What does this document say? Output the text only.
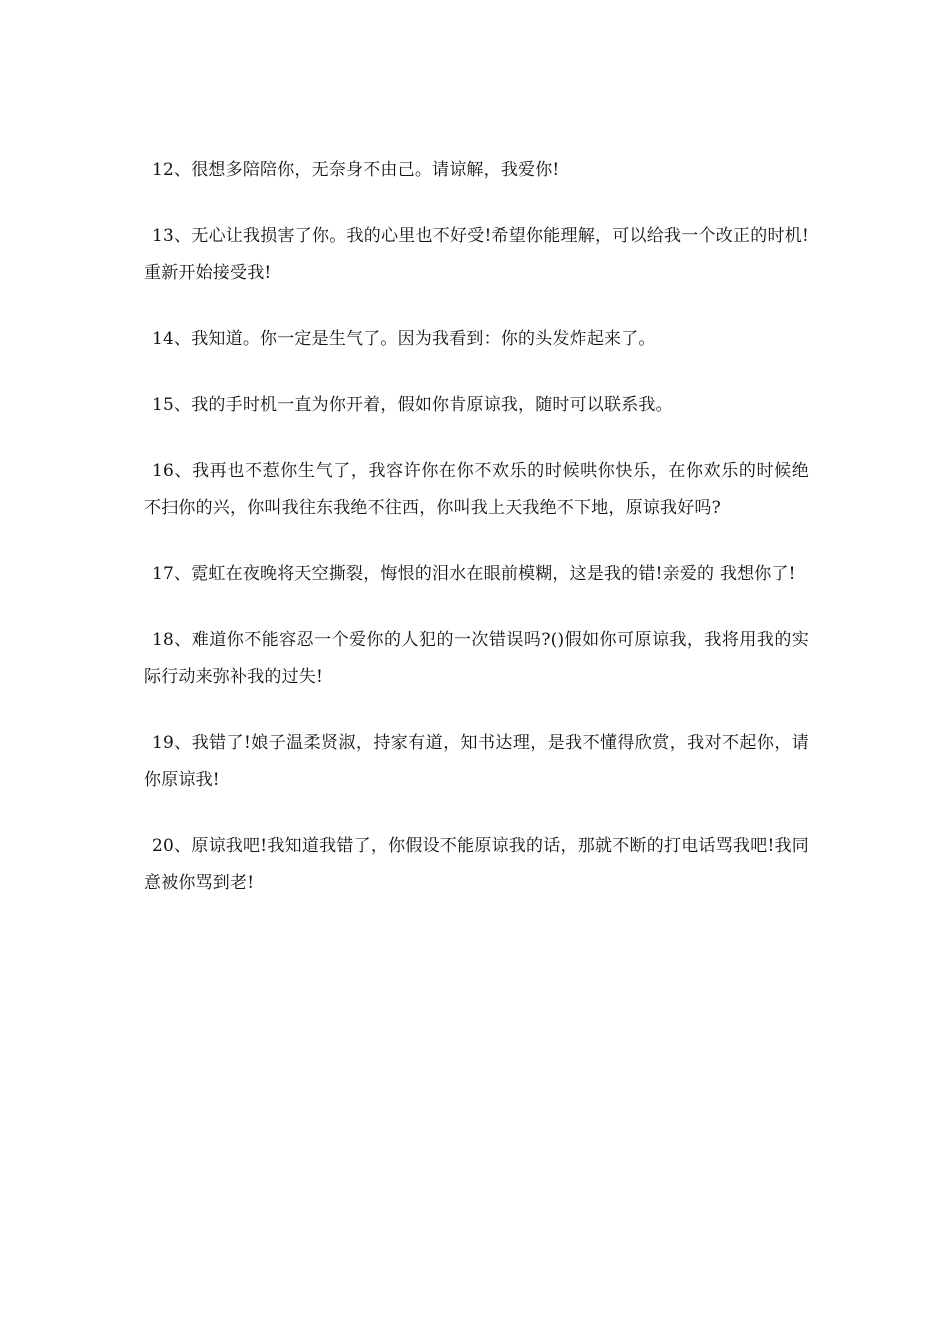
12、很想多陪陪你，无奈身不由己。请谅解，我爱你!

13、无心让我损害了你。我的心里也不好受!希望你能理解，可以给我一个改正的时机!重新开始接受我!

14、我知道。你一定是生气了。因为我看到：你的头发炸起来了。

15、我的手时机一直为你开着，假如你肯原谅我，随时可以联系我。

16、我再也不惹你生气了，我容许你在你不欢乐的时候哄你快乐，在你欢乐的时候绝不扫你的兴，你叫我往东我绝不往西，你叫我上天我绝不下地，原谅我好吗?

17、霓虹在夜晚将天空撕裂，悔恨的泪水在眼前模糊，这是我的错!亲爱的 我想你了!

18、难道你不能容忍一个爱你的人犯的一次错误吗?()假如你可原谅我，我将用我的实际行动来弥补我的过失!

19、我错了!娘子温柔贤淑，持家有道，知书达理，是我不懂得欣赏，我对不起你，请你原谅我!

20、原谅我吧!我知道我错了，你假设不能原谅我的话，那就不断的打电话骂我吧!我同意被你骂到老!
